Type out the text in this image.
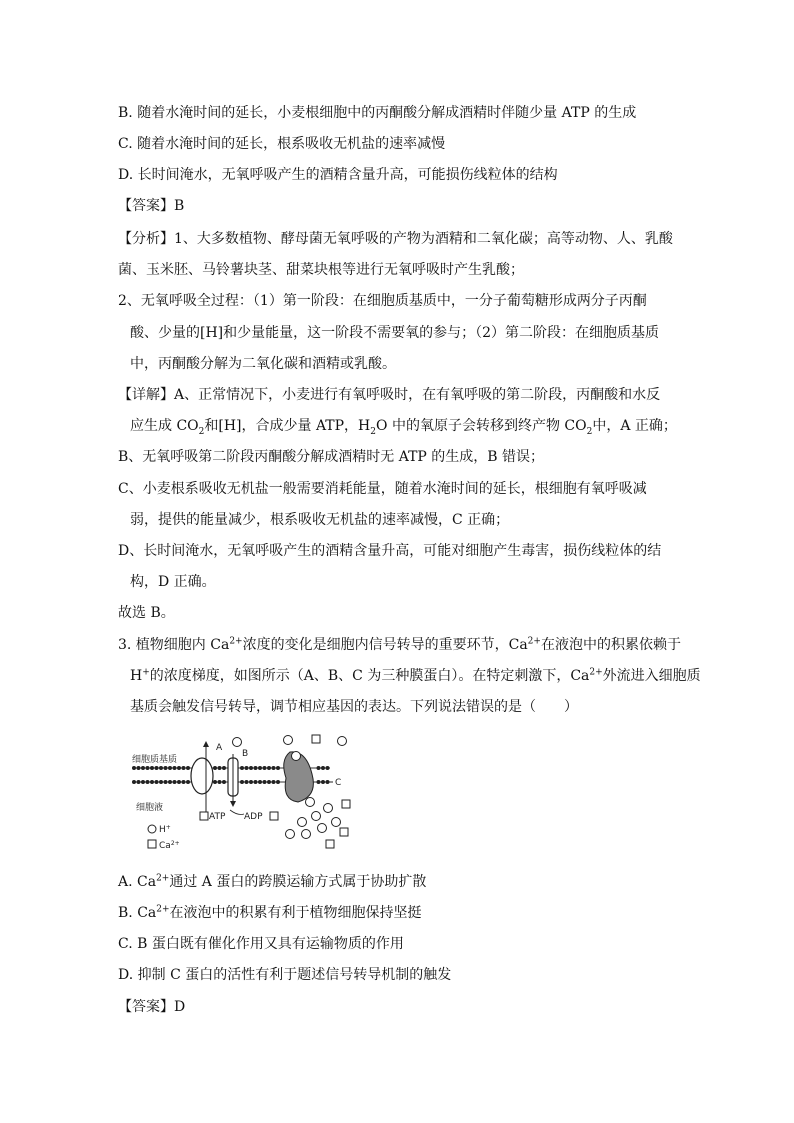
B. 随着水淹时间的延长，小麦根细胞中的丙酮酸分解成酒精时伴随少量 ATP 的生成
C. 随着水淹时间的延长，根系吸收无机盐的速率减慢
D. 长时间淹水，无氧呼吸产生的酒精含量升高，可能损伤线粒体的结构
【答案】B
【分析】1、大多数植物、酵母菌无氧呼吸的产物为酒精和二氧化碳；高等动物、人、乳酸
菌、玉米胚、马铃薯块茎、甜菜块根等进行无氧呼吸时产生乳酸；
2、无氧呼吸全过程：（1）第一阶段：在细胞质基质中，一分子葡萄糖形成两分子丙酮
酸、少量的[H]和少量能量，这一阶段不需要氧的参与；（2）第二阶段：在细胞质基质
中，丙酮酸分解为二氧化碳和酒精或乳酸。
【详解】A、正常情况下，小麦进行有氧呼吸时，在有氧呼吸的第二阶段，丙酮酸和水反
应生成 $CO_2$和[H]，合成少量 ATP，$H_2O$ 中的氧原子会转移到终产物 $CO_2$中，A 正确；
B、无氧呼吸第二阶段丙酮酸分解成酒精时无 ATP 的生成，B 错误；
C、小麦根系吸收无机盐一般需要消耗能量，随着水淹时间的延长，根细胞有氧呼吸减
弱，提供的能量减少，根系吸收无机盐的速率减慢，C 正确；
D、长时间淹水，无氧呼吸产生的酒精含量升高，可能对细胞产生毒害，损伤线粒体的结
构，D 正确。
故选 B。
3. 植物细胞内 $Ca^{2+}$浓度的变化是细胞内信号转导的重要环节，$Ca^{2+}$在液泡中的积累依赖于
H+的浓度梯度，如图所示（A、B、C 为三种膜蛋白）。在特定刺激下，$Ca^{2+}$外流进入细胞质
基质会触发信号转导，调节相应基因的表达。下列说法错误的是（　　）
细胞质基质
细胞液
A
B
ATP ADP
C
H+
$Ca^{2+}$
A. $Ca^{2+}$通过 A 蛋白的跨膜运输方式属于协助扩散
B. $Ca^{2+}$在液泡中的积累有利于植物细胞保持坚挺
C. B 蛋白既有催化作用又具有运输物质的作用
D. 抑制 C 蛋白的活性有利于题述信号转导机制的触发
【答案】D
